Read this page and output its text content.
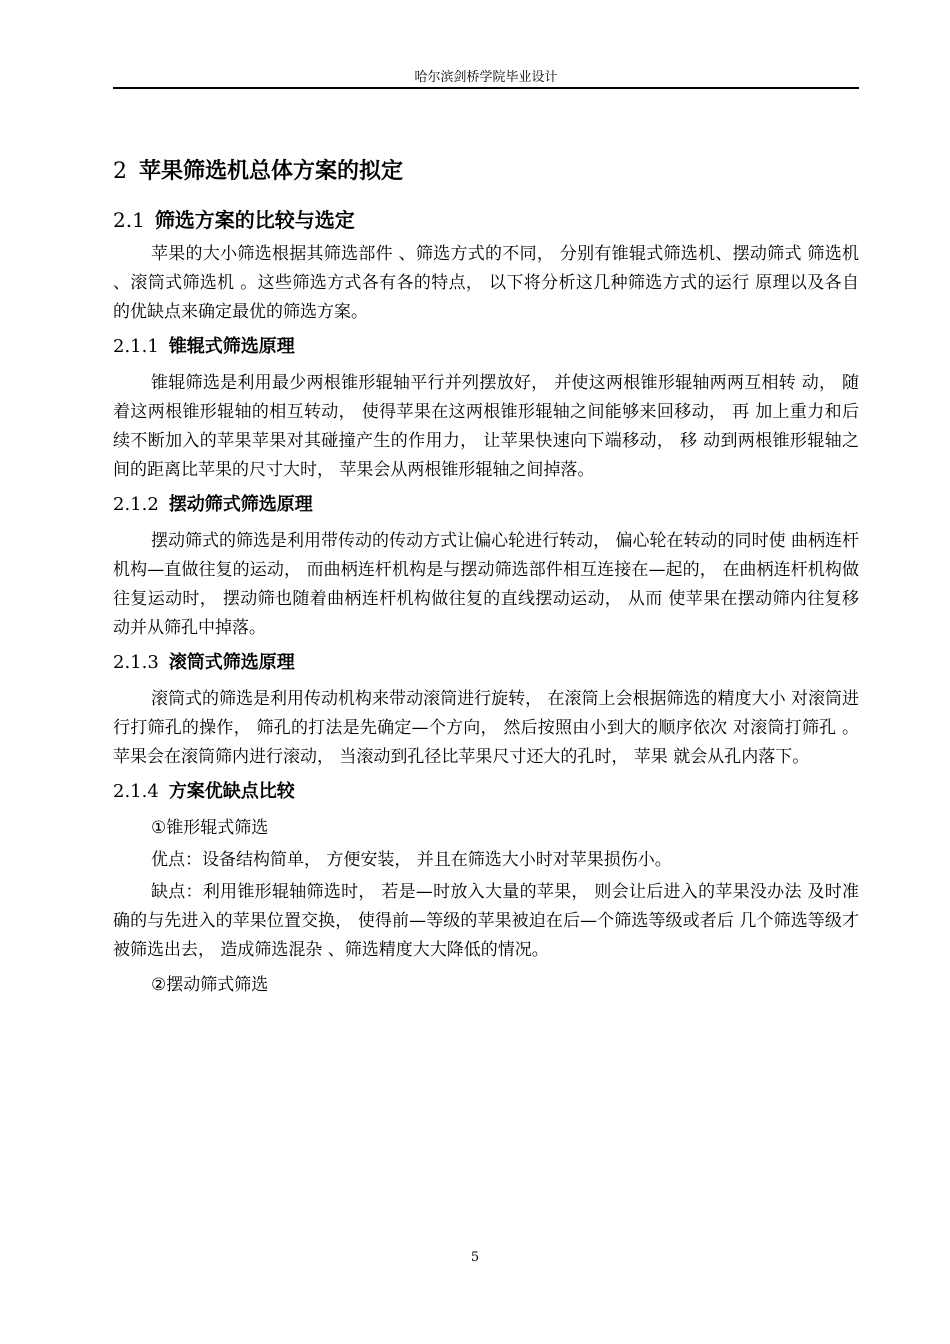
哈尔滨剑桥学院毕业设计
2 苹果筛选机总体方案的拟定
2.1 筛选方案的比较与选定

苹果的大小筛选根据其筛选部件 、筛选方式的不同， 分别有锥辊式筛选机、摆动筛式 筛选机 、滚筒式筛选机 。这些筛选方式各有各的特点， 以下将分析这几种筛选方式的运行 原理以及各自的优缺点来确定最优的筛选方案。

2.1.1 锥辊式筛选原理

锥辊筛选是利用最少两根锥形辊轴平行并列摆放好， 并使这两根锥形辊轴两两互相转 动， 随着这两根锥形辊轴的相互转动， 使得苹果在这两根锥形辊轴之间能够来回移动， 再 加上重力和后续不断加入的苹果苹果对其碰撞产生的作用力， 让苹果快速向下端移动， 移 动到两根锥形辊轴之间的距离比苹果的尺寸大时， 苹果会从两根锥形辊轴之间掉落。

2.1.2 摆动筛式筛选原理

摆动筛式的筛选是利用带传动的传动方式让偏心轮进行转动， 偏心轮在转动的同时使 曲柄连杆机构—直做往复的运动， 而曲柄连杆机构是与摆动筛选部件相互连接在—起的， 在曲柄连杆机构做往复运动时， 摆动筛也随着曲柄连杆机构做往复的直线摆动运动， 从而 使苹果在摆动筛内往复移动并从筛孔中掉落。

2.1.3 滚筒式筛选原理

滚筒式的筛选是利用传动机构来带动滚筒进行旋转， 在滚筒上会根据筛选的精度大小 对滚筒进行打筛孔的操作， 筛孔的打法是先确定—个方向， 然后按照由小到大的顺序依次 对滚筒打筛孔 。苹果会在滚筒筛内进行滚动， 当滚动到孔径比苹果尺寸还大的孔时， 苹果 就会从孔内落下。

2.1.4 方案优缺点比较

①锥形辊式筛选

优点：设备结构简单， 方便安装， 并且在筛选大小时对苹果损伤小。

缺点：利用锥形辊轴筛选时， 若是—时放入大量的苹果， 则会让后进入的苹果没办法 及时准确的与先进入的苹果位置交换， 使得前—等级的苹果被迫在后—个筛选等级或者后 几个筛选等级才被筛选出去， 造成筛选混杂 、筛选精度大大降低的情况。

②摆动筛式筛选

5
